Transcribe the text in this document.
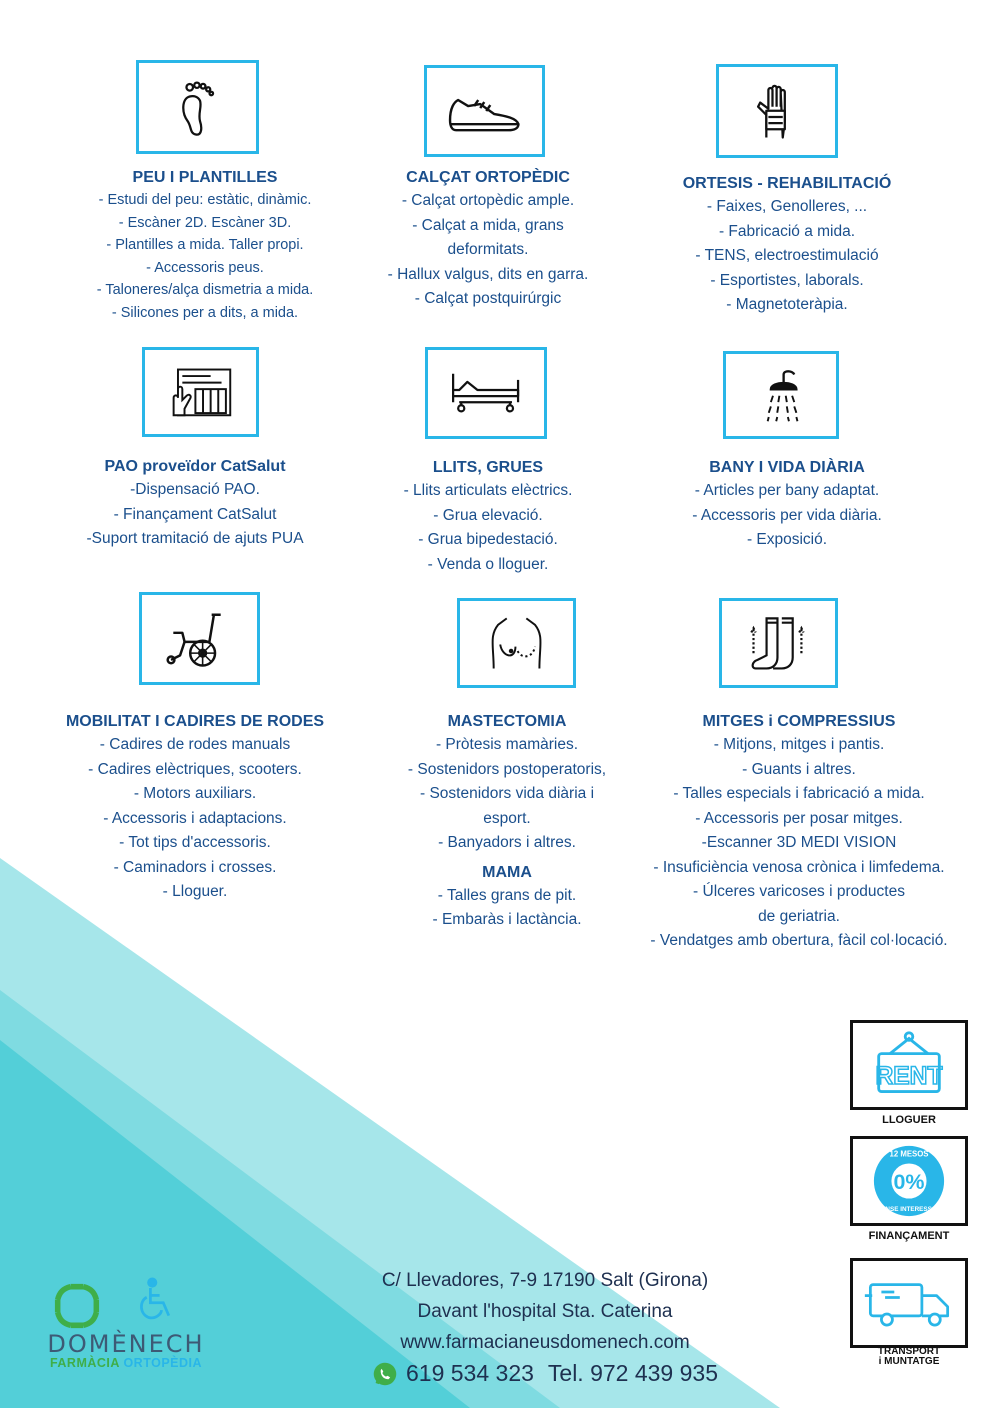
PEU I PLANTILLES
- Estudi del peu: estàtic, dinàmic.
- Escàner 2D. Escàner 3D.
- Plantilles a mida. Taller propi.
- Accessoris peus.
- Taloneres/alça dismetria a mida.
- Silicones per a dits, a mida.
CALÇAT ORTOPÈDIC
- Calçat ortopèdic ample.
- Calçat a mida, grans
deformitats.
- Hallux valgus, dits en garra.
- Calçat postquirúrgic
ORTESIS - REHABILITACIÓ
- Faixes, Genolleres, ...
- Fabricació a mida.
- TENS, electroestimulació
- Esportistes, laborals.
- Magnetoteràpia.
PAO proveïdor CatSalut
-Dispensació PAO.
- Finançament CatSalut
-Suport tramitació de ajuts PUA
LLITS, GRUES
- Llits articulats elèctrics.
- Grua elevació.
- Grua bipedestació.
- Venda o lloguer.
BANY I VIDA DIÀRIA
- Articles per bany adaptat.
- Accessoris per vida diària.
- Exposició.
MOBILITAT I CADIRES DE RODES
- Cadires de rodes manuals
- Cadires elèctriques, scooters.
- Motors auxiliars.
- Accessoris i adaptacions.
- Tot tips d'accessoris.
- Caminadors i crosses.
- Lloguer.
MASTECTOMIA
- Pròtesis mamàries.
- Sostenidors postoperatoris,
- Sostenidors vida diària i
esport.
- Banyadors i altres.
MAMA
- Talles grans de pit.
- Embaràs i lactància.
MITGES i COMPRESSIUS
- Mitjons, mitges i pantis.
- Guants i altres.
- Talles especials i fabricació a mida.
- Accessoris per posar mitges.
-Escanner 3D MEDI VISION
- Insuficiència venosa crònica i limfedema.
- Úlceres varicoses i productes
de geriatria.
- Vendatges amb obertura, fàcil col·locació.
RENT
LLOGUER
0%
12 MESOS
SENSE INTERESSOS
FINANÇAMENT
TRANSPORT
i MUNTATGE
DOMÈNECH
FARMÀCIA ORTOPÈDIA
C/ Llevadores, 7-9 17190 Salt (Girona)
Davant l'hospital Sta. Caterina
www.farmacianeusdomenech.com
619 534 323 Tel. 972 439 935
